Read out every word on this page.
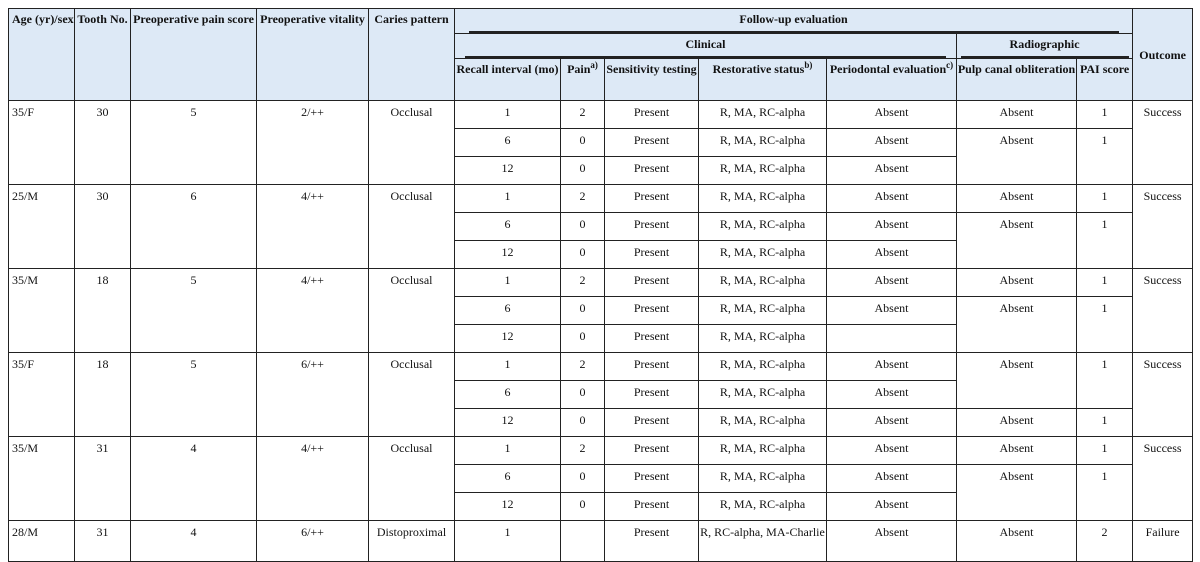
Age (yr)/sex	Tooth No.	Preoperative pain score	Preoperative vitality	Caries pattern	Follow-up evaluation							Outcome
					Clinical					Radiographic		
					Recall interval (mo)	Pain$^{a)}$	Sensitivity testing	Restorative status$^{b)}$	Periodontal evaluation$^{c)}$	Pulp canal obliteration	PAI score	
35/F	30	5	2/++	Occlusal	1	2	Present	R, MA, RC-alpha	Absent	Absent	1	Success
					6	0	Present	R, MA, RC-alpha	Absent	Absent	1	
					12	0	Present	R, MA, RC-alpha	Absent			
25/M	30	6	4/++	Occlusal	1	2	Present	R, MA, RC-alpha	Absent	Absent	1	Success
					6	0	Present	R, MA, RC-alpha	Absent	Absent	1	
					12	0	Present	R, MA, RC-alpha	Absent			
35/M	18	5	4/++	Occlusal	1	2	Present	R, MA, RC-alpha	Absent	Absent	1	Success
					6	0	Present	R, MA, RC-alpha	Absent	Absent	1	
					12	0	Present	R, MA, RC-alpha				
35/F	18	5	6/++	Occlusal	1	2	Present	R, MA, RC-alpha	Absent	Absent	1	Success
					6	0	Present	R, MA, RC-alpha	Absent			
					12	0	Present	R, MA, RC-alpha	Absent	Absent	1	
35/M	31	4	4/++	Occlusal	1	2	Present	R, MA, RC-alpha	Absent	Absent	1	Success
					6	0	Present	R, MA, RC-alpha	Absent	Absent	1	
					12	0	Present	R, MA, RC-alpha	Absent			
28/M	31	4	6/++	Distoproximal	1		Present	R, RC-alpha, MA-Charlie	Absent	Absent	2	Failure
